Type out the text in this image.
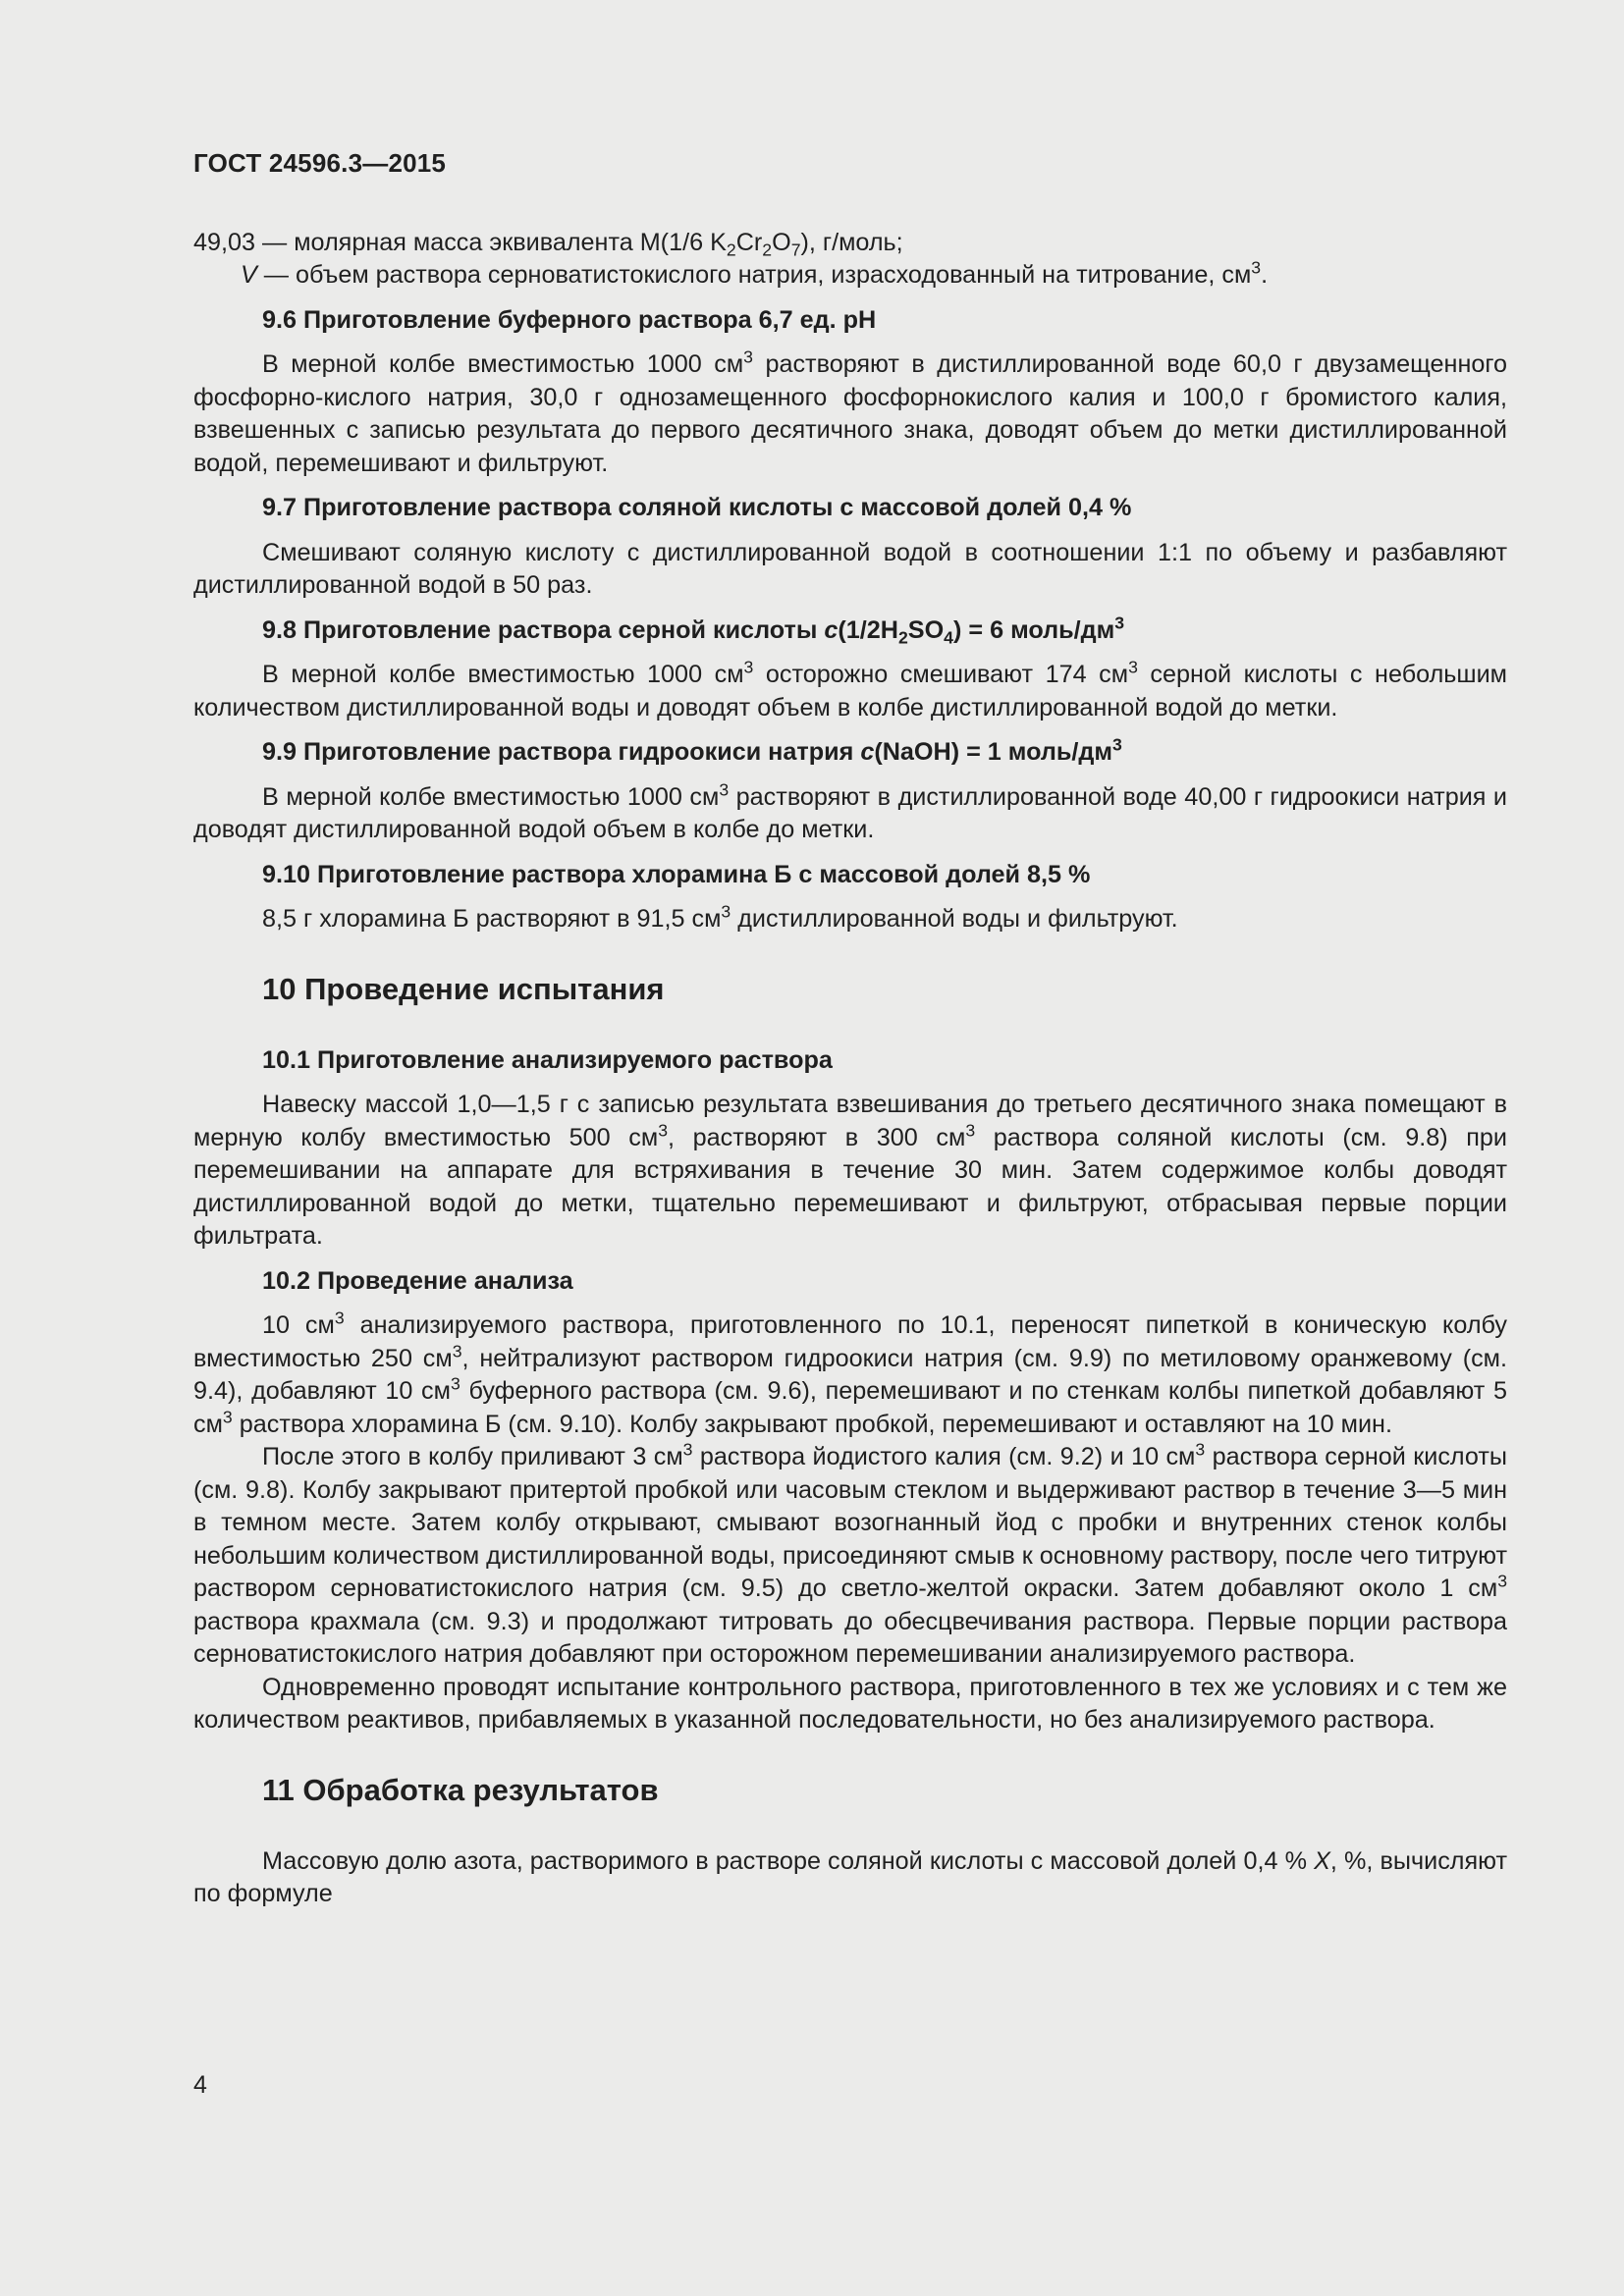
ГОСТ 24596.3—2015

49,03 — молярная масса эквивалента M(1/6 $K_2Cr_2O_7$), г/моль;

V — объем раствора серноватистокислого натрия, израсходованный на титрование, $см^3$.

9.6 Приготовление буферного раствора 6,7 ед. рН

В мерной колбе вместимостью 1000 $см^3$ растворяют в дистиллированной воде 60,0 г двузамещенного фосфорно-кислого натрия, 30,0 г однозамещенного фосфорнокислого калия и 100,0 г бромистого калия, взвешенных с записью результата до первого десятичного знака, доводят объем до метки дистиллированной водой, перемешивают и фильтруют.

9.7 Приготовление раствора соляной кислоты с массовой долей 0,4 %

Смешивают соляную кислоту с дистиллированной водой в соотношении 1:1 по объему и разбавляют дистиллированной водой в 50 раз.

9.8 Приготовление раствора серной кислоты $c(1/2H_2SO_4) = 6$ моль/$дм^3$

В мерной колбе вместимостью 1000 $см^3$ осторожно смешивают 174 $см^3$ серной кислоты с небольшим количеством дистиллированной воды и доводят объем в колбе дистиллированной водой до метки.

9.9 Приготовление раствора гидроокиси натрия c(NaOH) = 1 моль/$дм^3$

В мерной колбе вместимостью 1000 $см^3$ растворяют в дистиллированной воде 40,00 г гидроокиси натрия и доводят дистиллированной водой объем в колбе до метки.

9.10 Приготовление раствора хлорамина Б с массовой долей 8,5 %

8,5 г хлорамина Б растворяют в 91,5 $см^3$ дистиллированной воды и фильтруют.

10 Проведение испытания
10.1 Приготовление анализируемого раствора

Навеску массой 1,0—1,5 г с записью результата взвешивания до третьего десятичного знака помещают в мерную колбу вместимостью 500 $см^3$, растворяют в 300 $см^3$ раствора соляной кислоты (см. 9.8) при перемешивании на аппарате для встряхивания в течение 30 мин. Затем содержимое колбы доводят дистиллированной водой до метки, тщательно перемешивают и фильтруют, отбрасывая первые порции фильтрата.

10.2 Проведение анализа

10 $см^3$ анализируемого раствора, приготовленного по 10.1, переносят пипеткой в коническую колбу вместимостью 250 $см^3$, нейтрализуют раствором гидроокиси натрия (см. 9.9) по метиловому оранжевому (см. 9.4), добавляют 10 $см^3$ буферного раствора (см. 9.6), перемешивают и по стенкам колбы пипеткой добавляют 5 $см^3$ раствора хлорамина Б (см. 9.10). Колбу закрывают пробкой, перемешивают и оставляют на 10 мин.

После этого в колбу приливают 3 $см^3$ раствора йодистого калия (см. 9.2) и 10 $см^3$ раствора серной кислоты (см. 9.8). Колбу закрывают притертой пробкой или часовым стеклом и выдерживают раствор в течение 3—5 мин в темном месте. Затем колбу открывают, смывают возогнанный йод с пробки и внутренних стенок колбы небольшим количеством дистиллированной воды, присоединяют смыв к основному раствору, после чего титруют раствором серноватистокислого натрия (см. 9.5) до светло-желтой окраски. Затем добавляют около 1 $см^3$ раствора крахмала (см. 9.3) и продолжают титровать до обесцвечивания раствора. Первые порции раствора серноватистокислого натрия добавляют при осторожном перемешивании анализируемого раствора.

Одновременно проводят испытание контрольного раствора, приготовленного в тех же условиях и с тем же количеством реактивов, прибавляемых в указанной последовательности, но без анализируемого раствора.

11 Обработка результатов

Массовую долю азота, растворимого в растворе соляной кислоты с массовой долей 0,4 % X, %, вычисляют по формуле

4
